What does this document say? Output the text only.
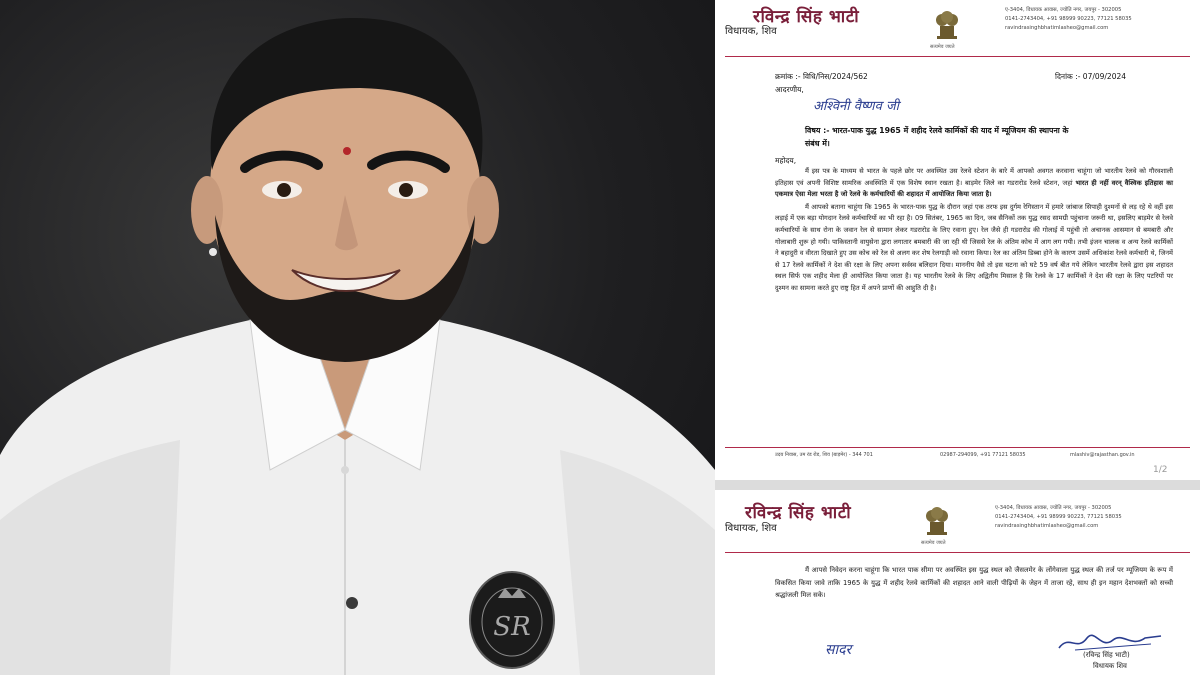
SR
रविन्द्र सिंह भाटी
विधायक, शिव
सत्यमेव जयते
ए-3404, विधायक आवास, ज्योति नगर, जयपुर - 302005
0141-2743404, +91 98999 90223, 77121 58035
ravindrasinghbhatimlasheo@gmail.com
क्रमांक :- विधि/निस/2024/562	दिनांक :- 07/09/2024
आदरणीय,
अश्विनी वैष्णव जी
विषय :- भारत-पाक युद्ध 1965 में शहीद रेलवे कार्मिकों की याद में म्यूजियम की स्थापना के संबंध में।
महोदय,

मैं इस पत्र के माध्यम से भारत के पहले छोर पर अवस्थित उस रेलवे स्टेशन के बारे में आपको अवगत करवाना चाहूंगा जो भारतीय रेलवे को गौरवशाली इतिहास एवं अपनी विशिष्ट सामरिक अवस्थिति में एक विशेष स्थान रखता है। बाड़मेर जिले का गडरारोड रेलवे स्टेशन, जहां भारत ही नहीं वरन् वैश्विक इतिहास का एकमात्र ऐसा मेला भरता है जो रेलवे के कर्मचारियों की शहादत में आयोजित किया जाता है।

मैं आपको बताना चाहूंगा कि 1965 के भारत-पाक युद्ध के दौरान जहां एक तरफ इस दुर्गम रेगिस्तान में हमारे जांबाज सिपाही दुश्मनों से लड़ रहे थे वहीं इस लड़ाई में एक बड़ा योगदान रेलवे कर्मचारियों का भी रहा है। 09 सितंबर, 1965 का दिन, जब सैनिकों तक युद्ध रसद सामग्री पहुंचाना जरूरी था, इसलिए बाड़मेर से रेलवे कर्मचारियों के साथ रोना के जवान रेल से सामान लेकर गडरारोड के लिए रवाना हुए। रेल जैसे ही गडरारोड की गोलाई में पहुंची तो अचानक आसमान से बमबारी और गोलाबारी शुरू हो गयी। पाकिस्तानी वायुसेना द्वारा लगातार बमबारी की जा रही थी जिससे रेल के अंतिम कोच में आग लग गयी। तभी इंजन चालक व अन्य रेलवे कार्मिकों ने बहादुरी व वीरता दिखाते हुए उस कोच को रेल से अलग कर शेष रेलगाड़ी को रवाना किया। रेल का अंतिम डिब्बा होने के कारण उसमें अधिकांश रेलवे कर्मचारी थे, जिनमें से 17 रेलवे कार्मिकों ने देश की रक्षा के लिए अपना सर्वस्व बलिदान दिया। माननीय वैसे तो इस घटना को घटे 59 वर्ष बीत गये लेकिन भारतीय रेलवे द्वारा इस शहादत स्थल सिर्फ एक शहीद मेला ही आयोजित किया जाता है। यह भारतीय रेलवे के लिए अद्वितीय मिसाल है कि रेलवे के 17 कार्मिकों ने देश की रक्षा के लिए पटरियों पर दुश्मन का सामना करते हुए राष्ट्र हित में अपने प्राणों की आहुति दी है।

उदय निवास, उम रंड रोड, शिव (बाड़मेर) - 344 701	02987-294099, +91 77121 58035	mlashiv@rajasthan.gov.in
1/2
रविन्द्र सिंह भाटी
विधायक, शिव
सत्यमेव जयते
ए-3404, विधायक आवास, ज्योति नगर, जयपुर - 302005
0141-2743404, +91 98999 90223, 77121 58035
ravindrasinghbhatimlasheo@gmail.com

मैं आपसे निवेदन करना चाहूंगा कि भारत पाक सीमा पर अवस्थित इस युद्ध स्थल को जैसलमेर के लोंगेवाला युद्ध स्थल की तर्ज पर म्यूजियम के रूप में विकसित किया जावे ताकि 1965 के युद्ध में शहीद रेलवे कार्मिकों की शहादत आने वाली पीढ़ियों के जेहन में ताजा रहे, साथ ही इन महान देशभक्तों को सच्ची श्रद्धांजली मिल सके।

सादर	(रविन्द्र सिंह भाटी)
विधायक शिव
